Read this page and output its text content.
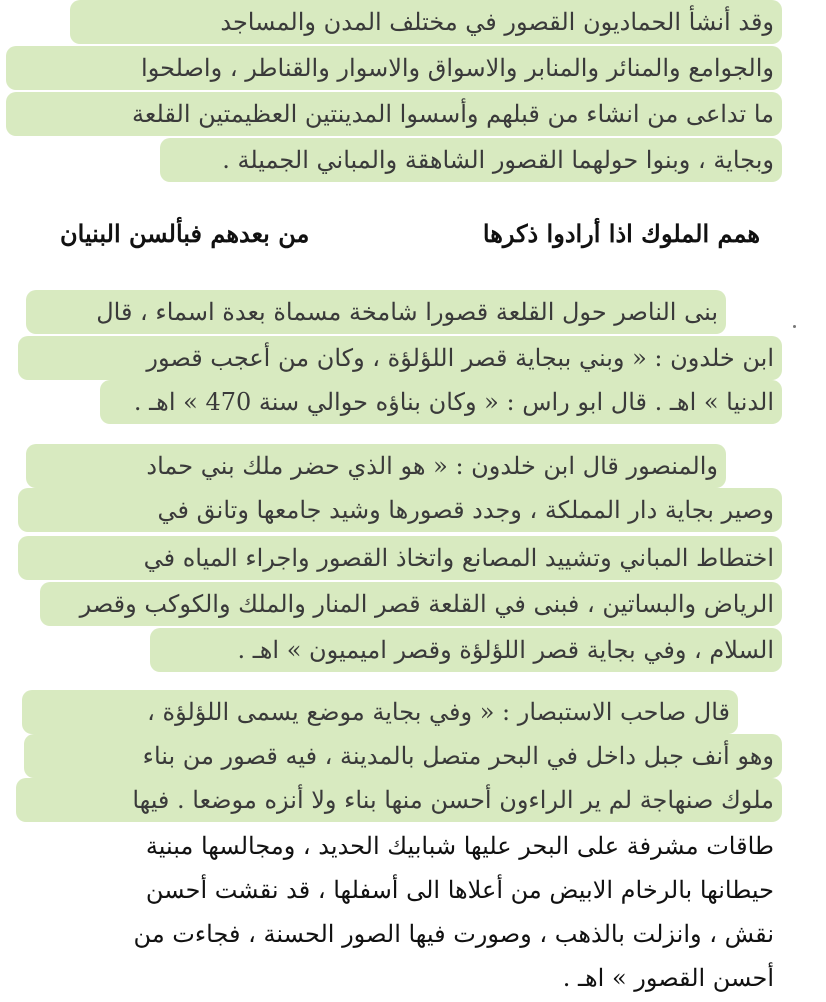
وقد أنشأ الحماديون القصور في مختلف المدن والمساجد
والجوامع والمنائر والمنابر والاسواق والاسوار والقناطر ، واصلحوا
ما تداعى من انشاء من قبلهم وأسسوا المدينتين العظيمتين القلعة
وبجاية ، وبنوا حولهما القصور الشاهقة والمباني الجميلة .
همم الملوك اذا أرادوا ذكرها
من بعدهم فبألسن البنيان
بنى الناصر حول القلعة قصورا شامخة مسماة بعدة اسماء ، قال
ابن خلدون : « وبني ببجاية قصر اللؤلؤة ، وكان من أعجب قصور
الدنيا » اهـ . قال ابو راس : « وكان بناؤه حوالي سنة 470 » اهـ .
والمنصور قال ابن خلدون : « هو الذي حضر ملك بني حماد
وصير بجاية دار المملكة ، وجدد قصورها وشيد جامعها وتانق في
اختطاط المباني وتشييد المصانع واتخاذ القصور واجراء المياه في
الرياض والبساتين ، فبنى في القلعة قصر المنار والملك والكوكب وقصر
السلام ، وفي بجاية قصر اللؤلؤة وقصر اميميون » اهـ .
قال صاحب الاستبصار : « وفي بجاية موضع يسمى اللؤلؤة ،
وهو أنف جبل داخل في البحر متصل بالمدينة ، فيه قصور من بناء
ملوك صنهاجة لم ير الراءون أحسن منها بناء ولا أنزه موضعا . فيها
طاقات مشرفة على البحر عليها شبابيك الحديد ، ومجالسها مبنية
حيطانها بالرخام الابيض من أعلاها الى أسفلها ، قد نقشت أحسن
نقش ، وانزلت بالذهب ، وصورت فيها الصور الحسنة ، فجاءت من
أحسن القصور » اهـ .
